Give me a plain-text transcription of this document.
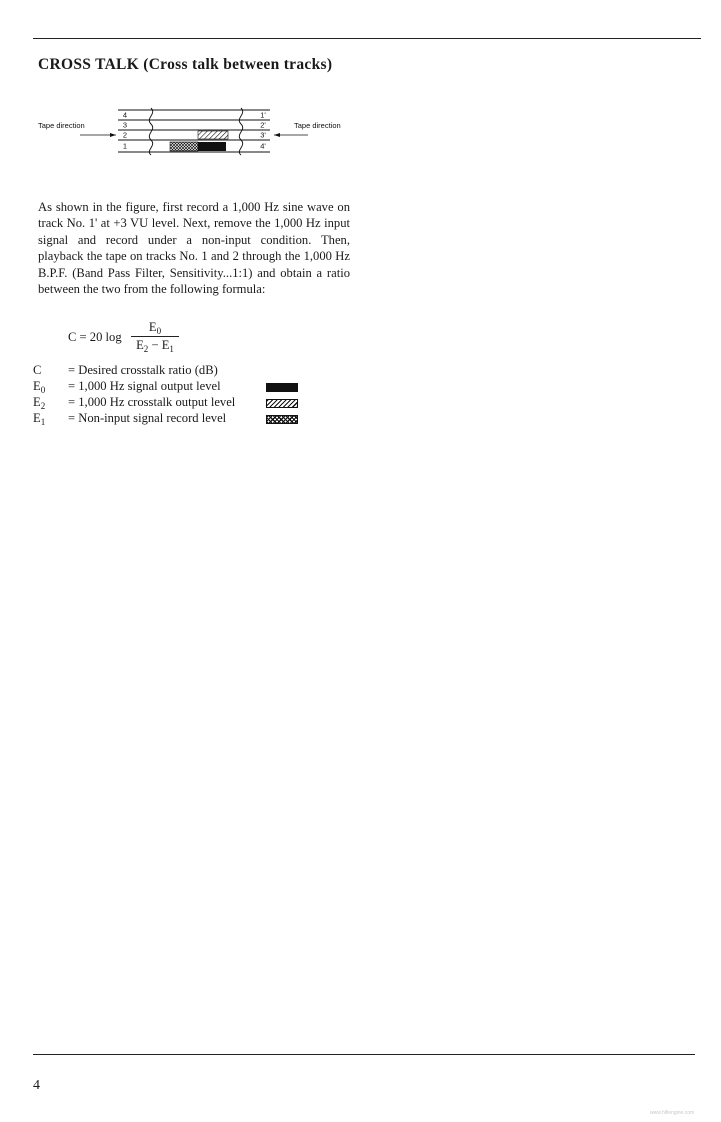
CROSS TALK (Cross talk between tracks)
4
3
2
1
1'
2'
3'
4'
Tape direction	Tape direction

As shown in the figure, first record a 1,000 Hz sine wave on track No. 1' at +3 VU level. Next, remove the 1,000 Hz input signal and record under a non-input condition. Then, playback the tape on tracks No. 1 and 2 through the 1,000 Hz B.P.F. (Band Pass Filter, Sensitivity...1:1) and obtain a ratio between the two from the following formula:

C = 20 log
$E_0$
$E_2 - E_1$
C = Desired crosstalk ratio (dB)
$E_0 = 1,000$ Hz signal output level
$E_2 = 1,000$ Hz crosstalk output level
$E_1$ = Non-input signal record level
4
www.hifiengine.com
